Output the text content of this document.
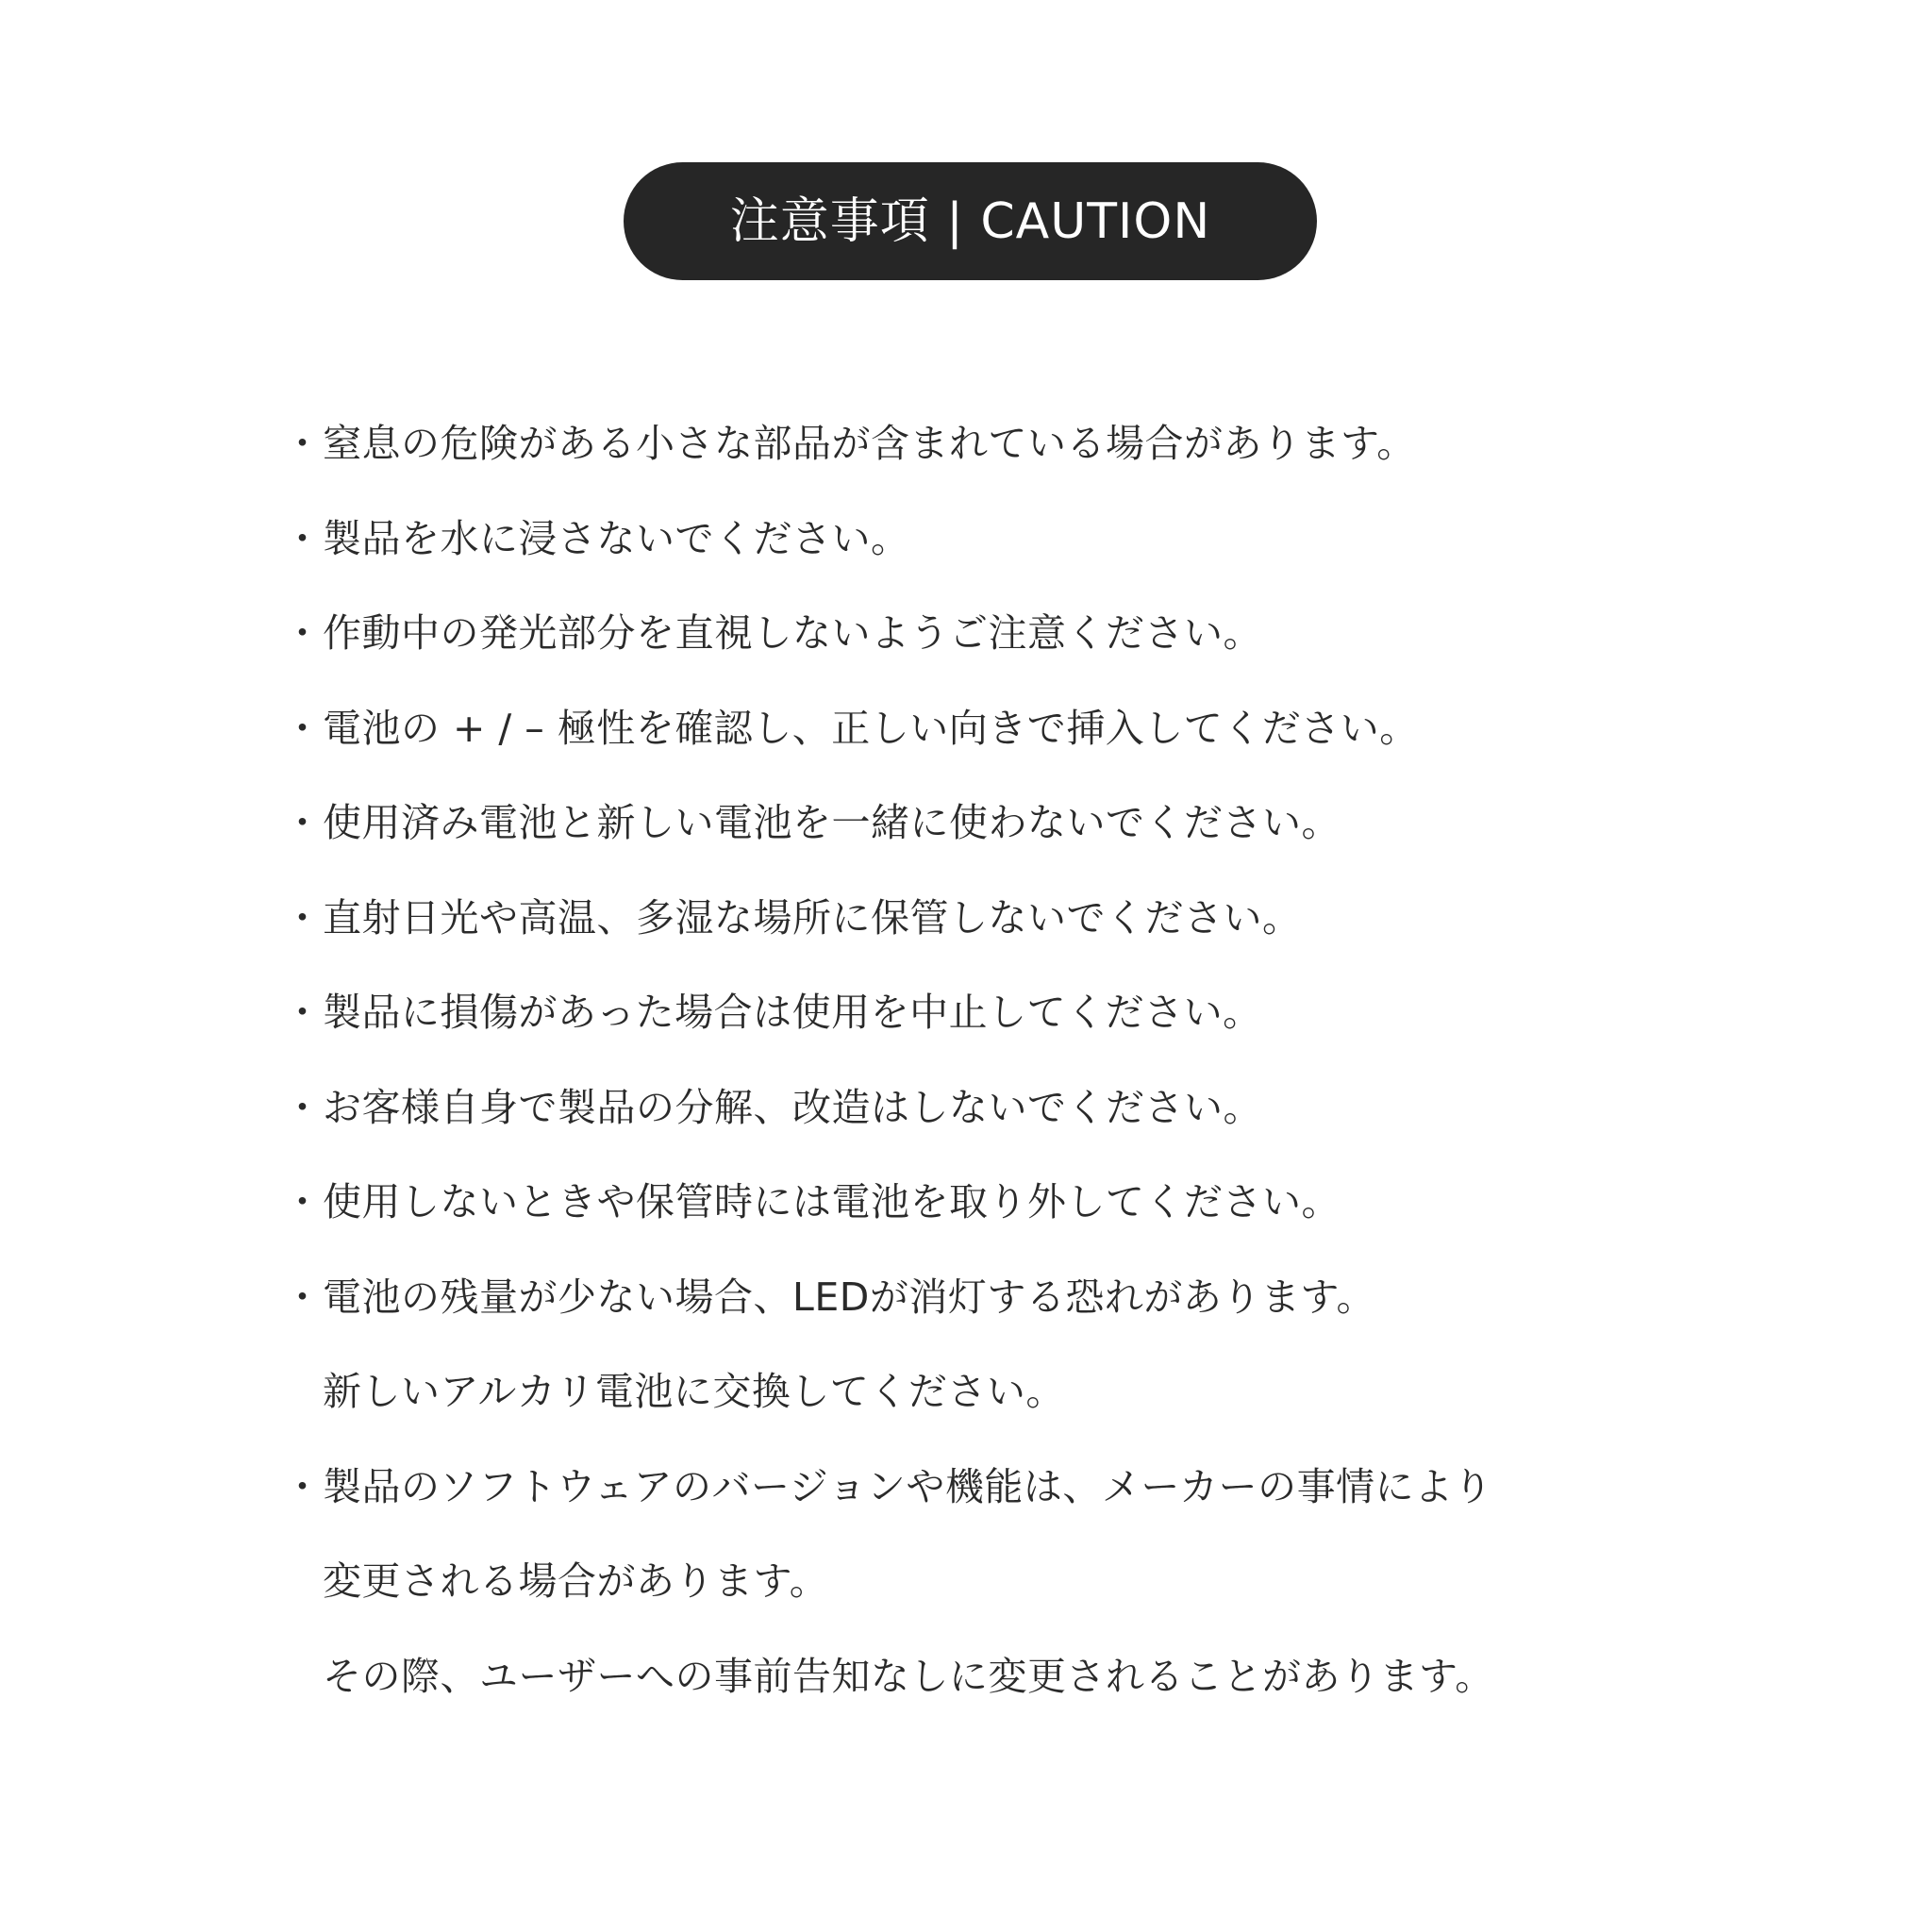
注意事項 | CAUTION
・ 窒息の危険がある小さな部品が含まれている場合があります。
・ 製品を水に浸さないでください。
・ 作動中の発光部分を直視しないようご注意ください。
・ 電池の + / – 極性を確認し、正しい向きで挿入してください。
・ 使用済み電池と新しい電池を一緒に使わないでください。
・ 直射日光や高温、多湿な場所に保管しないでください。
・ 製品に損傷があった場合は使用を中止してください。
・ お客様自身で製品の分解、改造はしないでください。
・ 使用しないときや保管時には電池を取り外してください。
・ 電池の残量が少ない場合、LEDが消灯する恐れがあります。
新しいアルカリ電池に交換してください。
・ 製品のソフトウェアのバージョンや機能は、メーカーの事情により
変更される場合があります。
その際、ユーザーへの事前告知なしに変更されることがあります。
